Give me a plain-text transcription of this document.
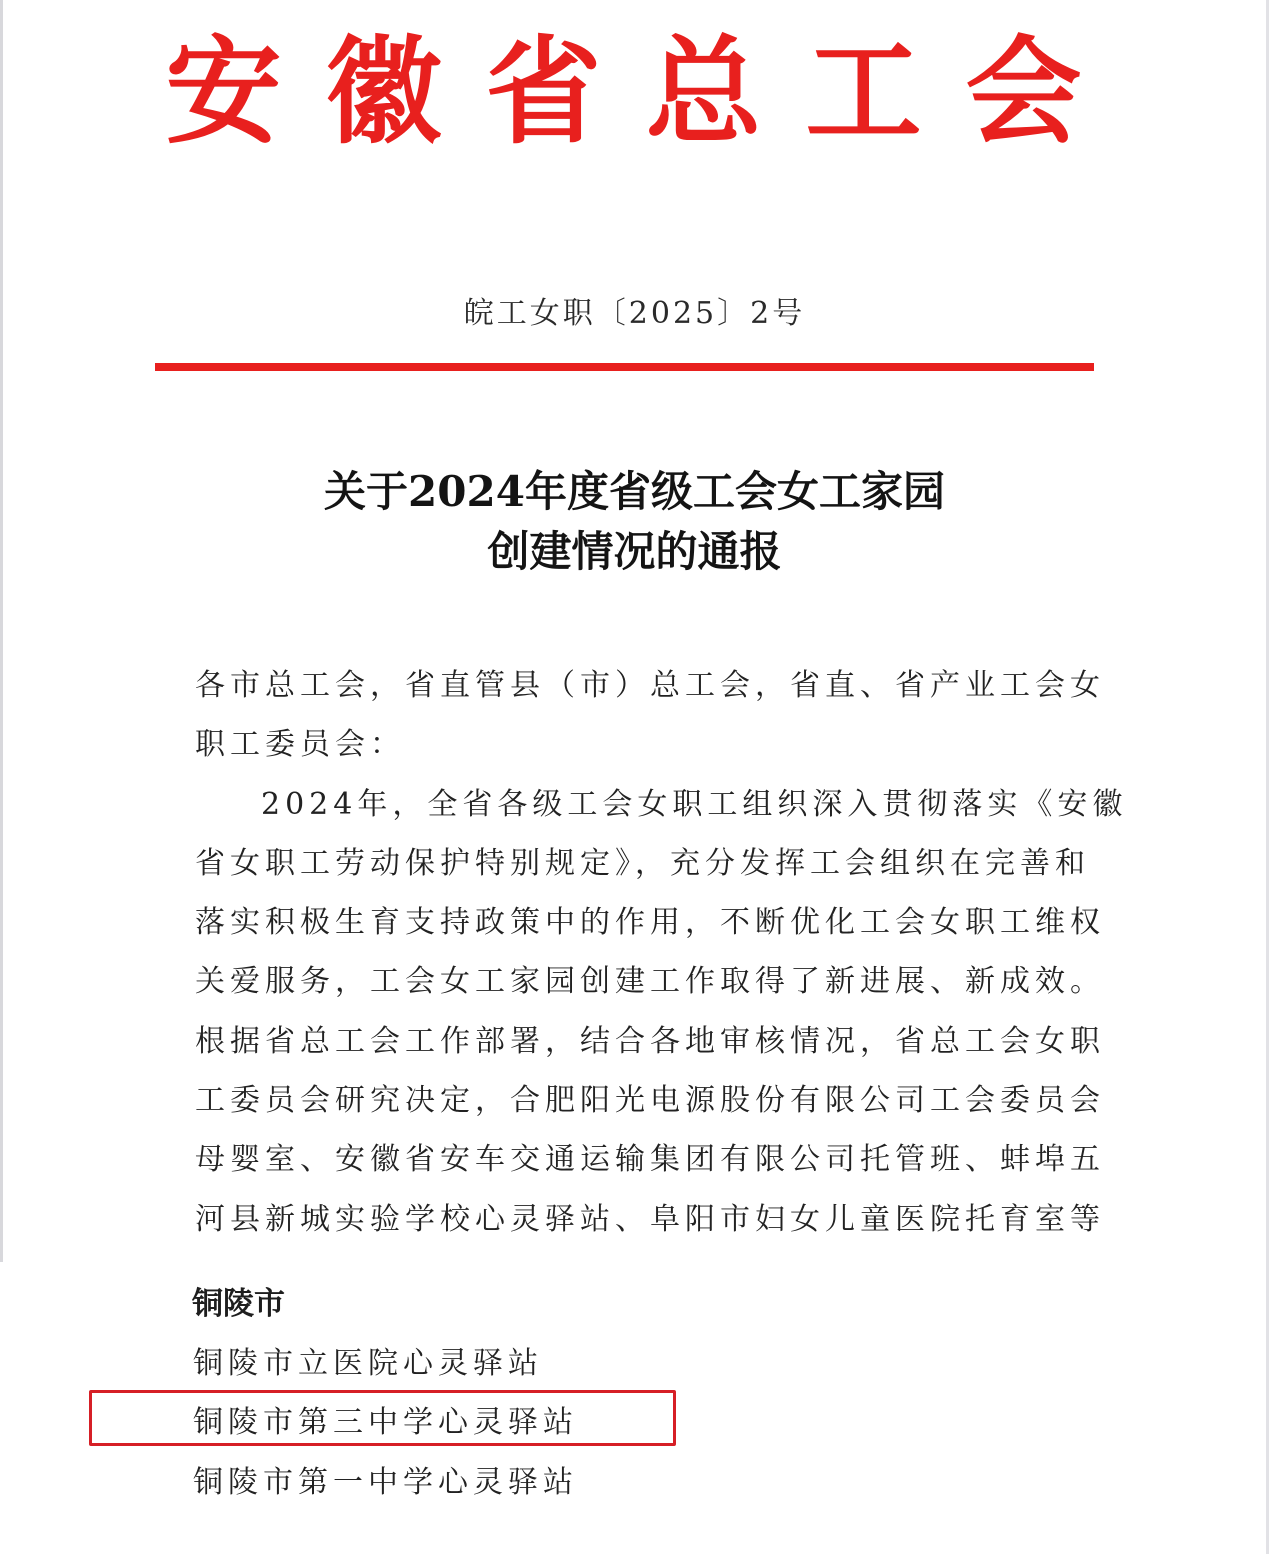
安徽省总工会
皖工女职〔2025〕2号
关于2024年度省级工会女工家园
创建情况的通报
各市总工会，省直管县（市）总工会，省直、省产业工会女
职工委员会：
2024年，全省各级工会女职工组织深入贯彻落实《安徽
省女职工劳动保护特别规定》，充分发挥工会组织在完善和
落实积极生育支持政策中的作用，不断优化工会女职工维权
关爱服务，工会女工家园创建工作取得了新进展、新成效。
根据省总工会工作部署，结合各地审核情况，省总工会女职
工委员会研究决定，合肥阳光电源股份有限公司工会委员会
母婴室、安徽省安车交通运输集团有限公司托管班、蚌埠五
河县新城实验学校心灵驿站、阜阳市妇女儿童医院托育室等
铜陵市
铜陵市立医院心灵驿站
铜陵市第三中学心灵驿站
铜陵市第一中学心灵驿站
